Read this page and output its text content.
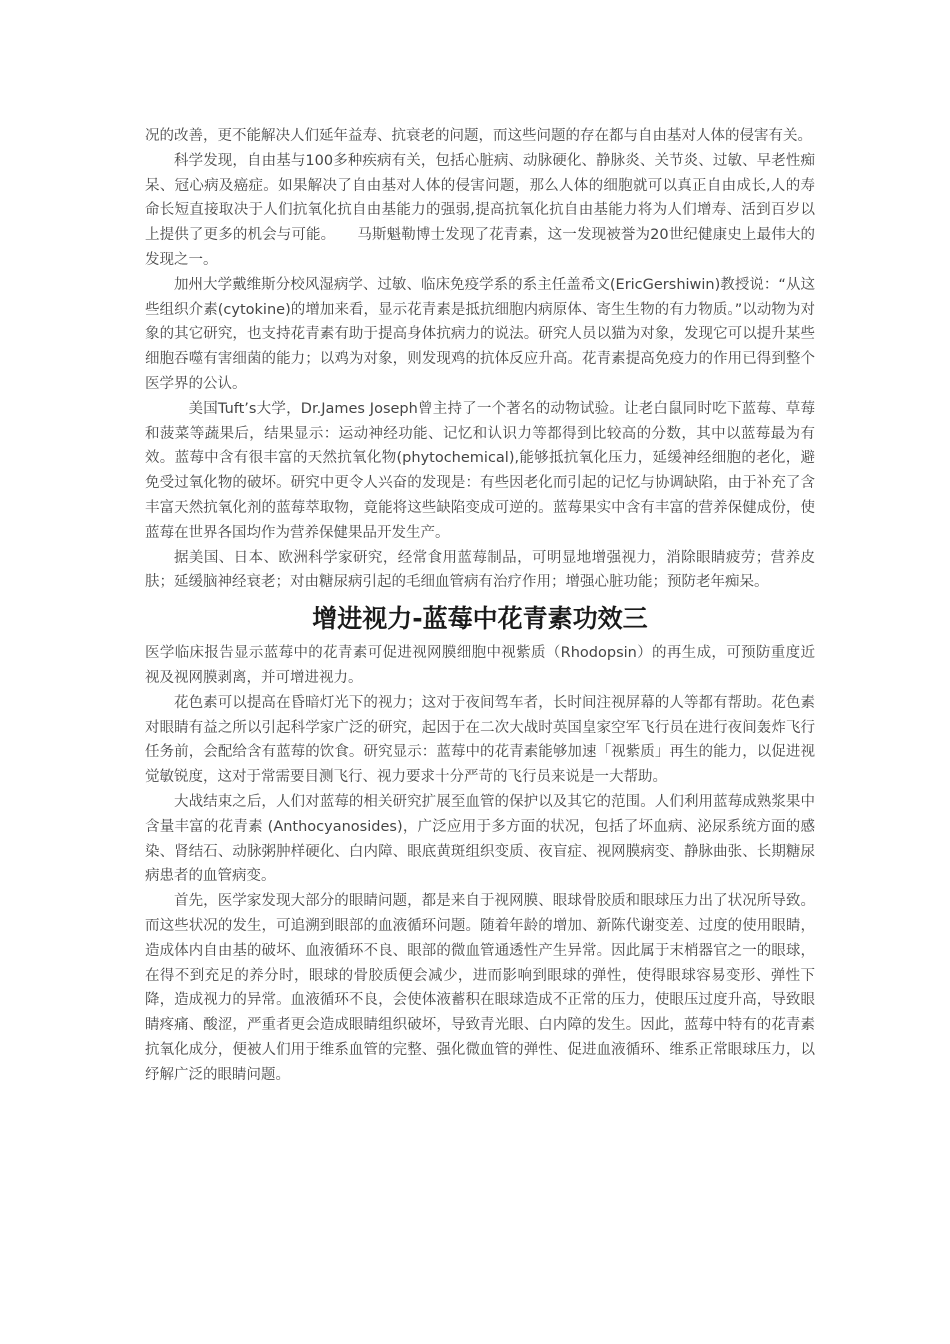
况的改善，更不能解决人们延年益寿、抗衰老的问题，而这些问题的存在都与自由基对人体的侵害有关。

科学发现，自由基与100多种疾病有关，包括心脏病、动脉硬化、静脉炎、关节炎、过敏、早老性痴呆、冠心病及癌症。如果解决了自由基对人体的侵害问题，那么人体的细胞就可以真正自由成长,人的寿命长短直接取决于人们抗氧化抗自由基能力的强弱,提高抗氧化抗自由基能力将为人们增寿、活到百岁以上提供了更多的机会与可能。　　马斯魁勒博士发现了花青素，这一发现被誉为20世纪健康史上最伟大的发现之一。

加州大学戴维斯分校风湿病学、过敏、临床免疫学系的系主任盖希文(EricGershiwin)教授说：“从这些组织介素(cytokine)的增加来看，显示花青素是抵抗细胞内病原体、寄生生物的有力物质。”以动物为对象的其它研究，也支持花青素有助于提高身体抗病力的说法。研究人员以猫为对象，发现它可以提升某些细胞吞噬有害细菌的能力；以鸡为对象，则发现鸡的抗体反应升高。花青素提高免疫力的作用已得到整个医学界的公认。

美国Tuft’s大学，Dr.James Joseph曾主持了一个著名的动物试验。让老白鼠同时吃下蓝莓、草莓和菠菜等蔬果后，结果显示：运动神经功能、记忆和认识力等都得到比较高的分数，其中以蓝莓最为有效。蓝莓中含有很丰富的天然抗氧化物(phytochemical),能够抵抗氧化压力，延缓神经细胞的老化，避免受过氧化物的破坏。研究中更令人兴奋的发现是：有些因老化而引起的记忆与协调缺陷，由于补充了含丰富天然抗氧化剂的蓝莓萃取物，竟能将这些缺陷变成可逆的。蓝莓果实中含有丰富的营养保健成份，使蓝莓在世界各国均作为营养保健果品开发生产。

据美国、日本、欧洲科学家研究，经常食用蓝莓制品，可明显地增强视力，消除眼睛疲劳；营养皮肤；延缓脑神经衰老；对由糖尿病引起的毛细血管病有治疗作用；增强心脏功能；预防老年痴呆。

增进视力-蓝莓中花青素功效三

医学临床报告显示蓝莓中的花青素可促进视网膜细胞中视紫质（Rhodopsin）的再生成，可预防重度近视及视网膜剥离，并可增进视力。

花色素可以提高在昏暗灯光下的视力；这对于夜间驾车者，长时间注视屏幕的人等都有帮助。花色素对眼睛有益之所以引起科学家广泛的研究，起因于在二次大战时英国皇家空军飞行员在进行夜间轰炸飞行任务前，会配给含有蓝莓的饮食。研究显示：蓝莓中的花青素能够加速「视紫质」再生的能力，以促进视觉敏锐度，这对于常需要目测飞行、视力要求十分严苛的飞行员来说是一大帮助。

大战结束之后，人们对蓝莓的相关研究扩展至血管的保护以及其它的范围。人们利用蓝莓成熟浆果中含量丰富的花青素 (Anthocyanosides)，广泛应用于多方面的状况，包括了坏血病、泌尿系统方面的感染、肾结石、动脉粥肿样硬化、白内障、眼底黄斑组织变质、夜盲症、视网膜病变、静脉曲张、长期糖尿病患者的血管病变。

首先，医学家发现大部分的眼睛问题，都是来自于视网膜、眼球骨胶质和眼球压力出了状况所导致。而这些状况的发生，可追溯到眼部的血液循环问题。随着年龄的增加、新陈代谢变差、过度的使用眼睛，造成体内自由基的破坏、血液循环不良、眼部的微血管通透性产生异常。因此属于末梢器官之一的眼球，在得不到充足的养分时，眼球的骨胶质便会减少，进而影响到眼球的弹性，使得眼球容易变形、弹性下降，造成视力的异常。血液循环不良，会使体液蓄积在眼球造成不正常的压力，使眼压过度升高，导致眼睛疼痛、酸涩，严重者更会造成眼睛组织破坏，导致青光眼、白内障的发生。因此，蓝莓中特有的花青素抗氧化成分，便被人们用于维系血管的完整、强化微血管的弹性、促进血液循环、维系正常眼球压力，以纾解广泛的眼睛问题。
